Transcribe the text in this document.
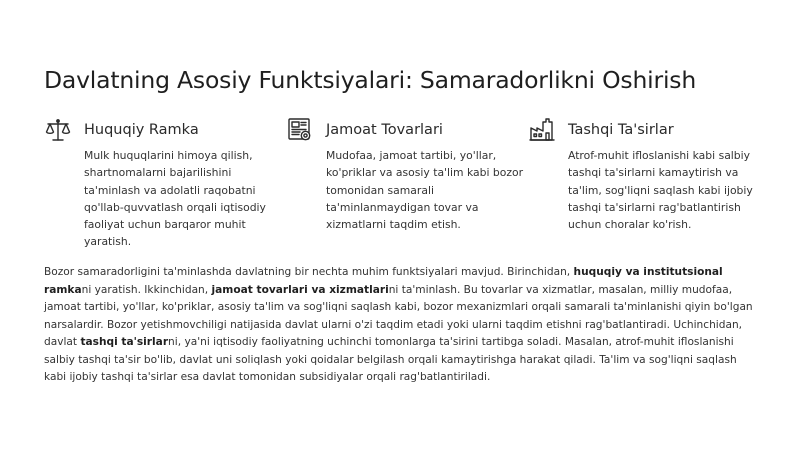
Davlatning Asosiy Funktsiyalari: Samaradorlikni Oshirish
Huquqiy Ramka
Mulk huquqlarini himoya qilish, shartnomalarni bajarilishini ta'minlash va adolatli raqobatni qo'llab-quvvatlash orqali iqtisodiy faoliyat uchun barqaror muhit yaratish.
Jamoat Tovarlari
Mudofaa, jamoat tartibi, yo'llar, ko'priklar va asosiy ta'lim kabi bozor tomonidan samarali ta'minlanmaydigan tovar va xizmatlarni taqdim etish.
Tashqi Ta'sirlar
Atrof-muhit ifloslanishi kabi salbiy tashqi ta'sirlarni kamaytirish va ta'lim, sog'liqni saqlash kabi ijobiy tashqi ta'sirlarni rag'batlantirish uchun choralar ko'rish.

Bozor samaradorligini ta'minlashda davlatning bir nechta muhim funktsiyalari mavjud. Birinchidan, huquqiy va institutsional ramkani yaratish. Ikkinchidan, jamoat tovarlari va xizmatlarini ta'minlash. Bu tovarlar va xizmatlar, masalan, milliy mudofaa, jamoat tartibi, yo'llar, ko'priklar, asosiy ta'lim va sog'liqni saqlash kabi, bozor mexanizmlari orqali samarali ta'minlanishi qiyin bo'lgan narsalardir. Bozor yetishmovchiligi natijasida davlat ularni o'zi taqdim etadi yoki ularni taqdim etishni rag'batlantiradi. Uchinchidan, davlat tashqi ta'sirlarni, ya'ni iqtisodiy faoliyatning uchinchi tomonlarga ta'sirini tartibga soladi. Masalan, atrof-muhit ifloslanishi salbiy tashqi ta'sir bo'lib, davlat uni soliqlash yoki qoidalar belgilash orqali kamaytirishga harakat qiladi. Ta'lim va sog'liqni saqlash kabi ijobiy tashqi ta'sirlar esa davlat tomonidan subsidiyalar orqali rag'batlantiriladi.
